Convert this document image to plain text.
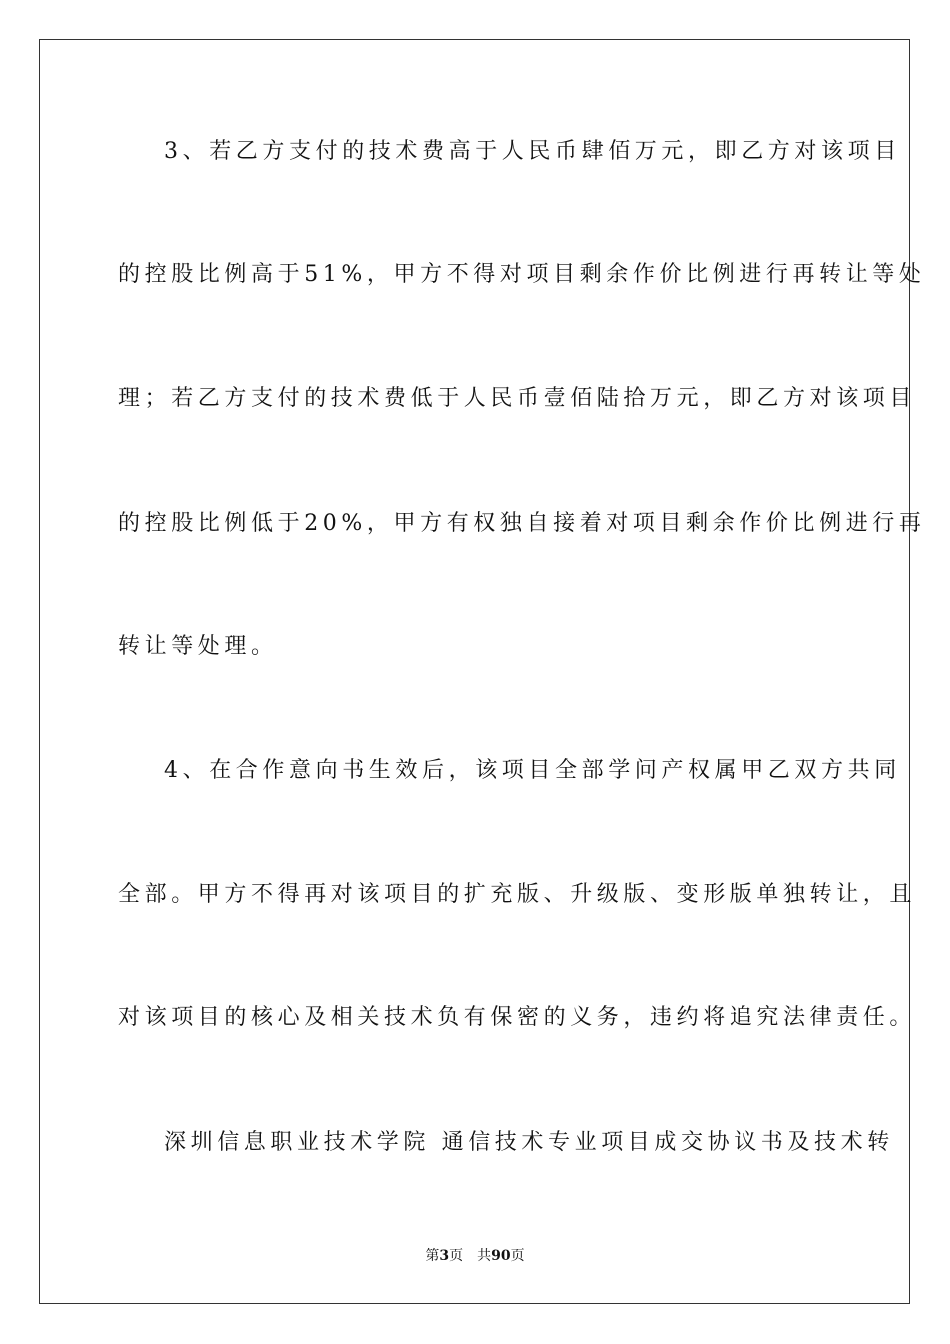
3、若乙方支付的技术费高于人民币肆佰万元，即乙方对该项目
的控股比例高于51%，甲方不得对项目剩余作价比例进行再转让等处
理；若乙方支付的技术费低于人民币壹佰陆拾万元，即乙方对该项目
的控股比例低于20%，甲方有权独自接着对项目剩余作价比例进行再
转让等处理。
4、在合作意向书生效后，该项目全部学问产权属甲乙双方共同
全部。甲方不得再对该项目的扩充版、升级版、变形版单独转让，且
对该项目的核心及相关技术负有保密的义务，违约将追究法律责任。
深圳信息职业技术学院 通信技术专业项目成交协议书及技术转
第3页 共90页
